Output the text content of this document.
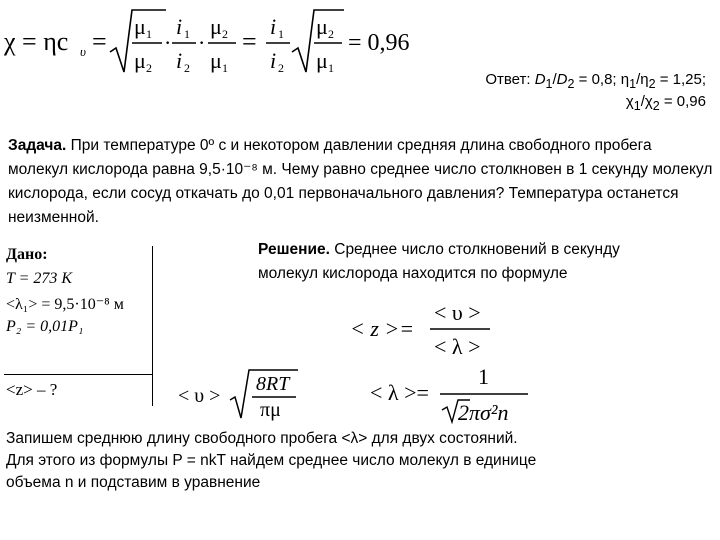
χ = ηc υ =
μ 1
μ 2
·
i 1
i 2
·
μ 2
μ 1
=
i 1
i 2
μ 2
μ 1
= 0,96
Ответ: $D_1/D_2 = 0,8$; $\eta_1/\eta_2 = 1,25$;
$\chi_1/\chi_2 = 0,96$
Задача. При температуре 0º с и некотором давлении средняя длина свободного пробега молекул кислорода равна 9,5·10⁻⁸ м. Чему равно среднее число столкновен в 1 секунду молекул кислорода, если сосуд откачать до 0,01 первоначального давления? Температура останется неизменной.
Дано:
T = 273 К
<λ₁> = 9,5·10⁻⁸ м
P₂ = 0,01P₁
<z> – ?
Решение. Среднее число столкновений в секунду молекул кислорода находится по формуле
< z >=
< υ >
< λ >
< υ >
8RT
πμ
< λ >=
1
2πσ²n
Запишем среднюю длину свободного пробега <λ> для двух состояний.
Для этого из формулы P = nkT найдем среднее число молекул в единице
объема n и подставим в уравнение
